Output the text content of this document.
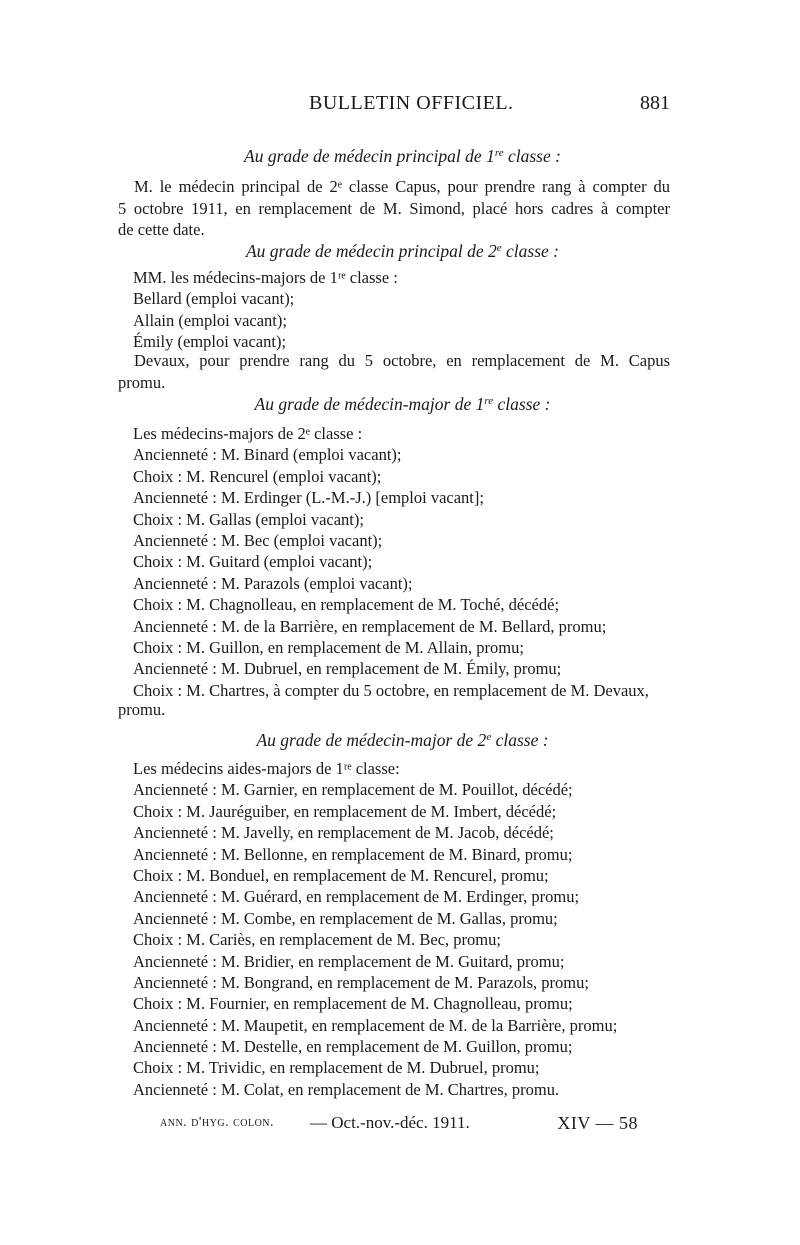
BULLETIN OFFICIEL.	881
Au grade de médecin principal de 1re classe :
M. le médecin principal de 2ᵉ classe Capus, pour prendre rang à compter du
5 octobre 1911, en remplacement de M. Simond, placé hors cadres à compter
de cette date.
Au grade de médecin principal de 2e classe :
MM. les médecins-majors de 1ʳᵉ classe :
Bellard (emploi vacant);
Allain (emploi vacant);
Émily (emploi vacant);
Devaux, pour prendre rang du 5 octobre, en remplacement de M. Capus
promu.
Au grade de médecin-major de 1re classe :
Les médecins-majors de 2ᵉ classe :
Ancienneté : M. Binard (emploi vacant);
Choix : M. Rencurel (emploi vacant);
Ancienneté : M. Erdinger (L.-M.-J.) [emploi vacant];
Choix : M. Gallas (emploi vacant);
Ancienneté : M. Bec (emploi vacant);
Choix : M. Guitard (emploi vacant);
Ancienneté : M. Parazols (emploi vacant);
Choix : M. Chagnolleau, en remplacement de M. Toché, décédé;
Ancienneté : M. de la Barrière, en remplacement de M. Bellard, promu;
Choix : M. Guillon, en remplacement de M. Allain, promu;
Ancienneté : M. Dubruel, en remplacement de M. Émily, promu;
Choix : M. Chartres, à compter du 5 octobre, en remplacement de M. Devaux,
promu.
Au grade de médecin-major de 2e classe :
Les médecins aides-majors de 1ʳᵉ classe:
Ancienneté : M. Garnier, en remplacement de M. Pouillot, décédé;
Choix : M. Jauréguiber, en remplacement de M. Imbert, décédé;
Ancienneté : M. Javelly, en remplacement de M. Jacob, décédé;
Ancienneté : M. Bellonne, en remplacement de M. Binard, promu;
Choix : M. Bonduel, en remplacement de M. Rencurel, promu;
Ancienneté : M. Guérard, en remplacement de M. Erdinger, promu;
Ancienneté : M. Combe, en remplacement de M. Gallas, promu;
Choix : M. Cariès, en remplacement de M. Bec, promu;
Ancienneté : M. Bridier, en remplacement de M. Guitard, promu;
Ancienneté : M. Bongrand, en remplacement de M. Parazols, promu;
Choix : M. Fournier, en remplacement de M. Chagnolleau, promu;
Ancienneté : M. Maupetit, en remplacement de M. de la Barrière, promu;
Ancienneté : M. Destelle, en remplacement de M. Guillon, promu;
Choix : M. Trividic, en remplacement de M. Dubruel, promu;
Ancienneté : M. Colat, en remplacement de M. Chartres, promu.
ann. d'hyg. colon. — Oct.-nov.-déc. 1911.	XIV — 58
